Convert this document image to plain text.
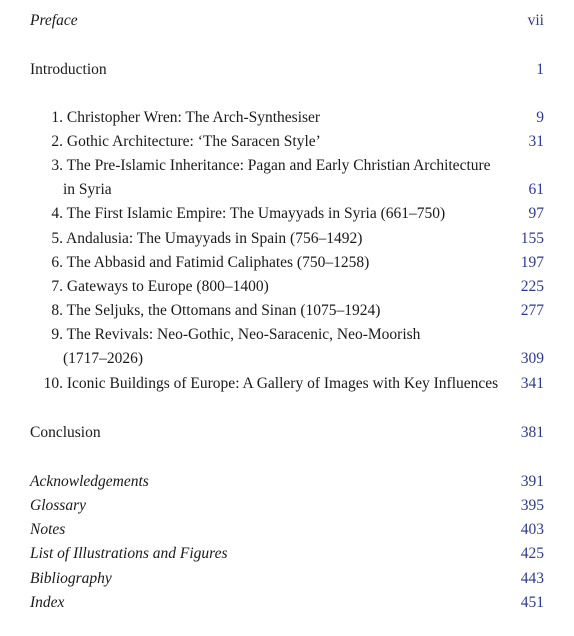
Preface	vii
Introduction	1
1. Christopher Wren: The Arch-Synthesiser	9
2. Gothic Architecture: ‘The Saracen Style’	31
3. The Pre-Islamic Inheritance: Pagan and Early Christian Architecture
in Syria	61
4. The First Islamic Empire: The Umayyads in Syria (661–750)	97
5. Andalusia: The Umayyads in Spain (756–1492)	155
6. The Abbasid and Fatimid Caliphates (750–1258)	197
7. Gateways to Europe (800–1400)	225
8. The Seljuks, the Ottomans and Sinan (1075–1924)	277
9. The Revivals: Neo-Gothic, Neo-Saracenic, Neo-Moorish
(1717–2026)	309
10. Iconic Buildings of Europe: A Gallery of Images with Key Influences 341
Conclusion	381
Acknowledgements	391
Glossary	395
Notes	403
List of Illustrations and Figures	425
Bibliography	443
Index	451
